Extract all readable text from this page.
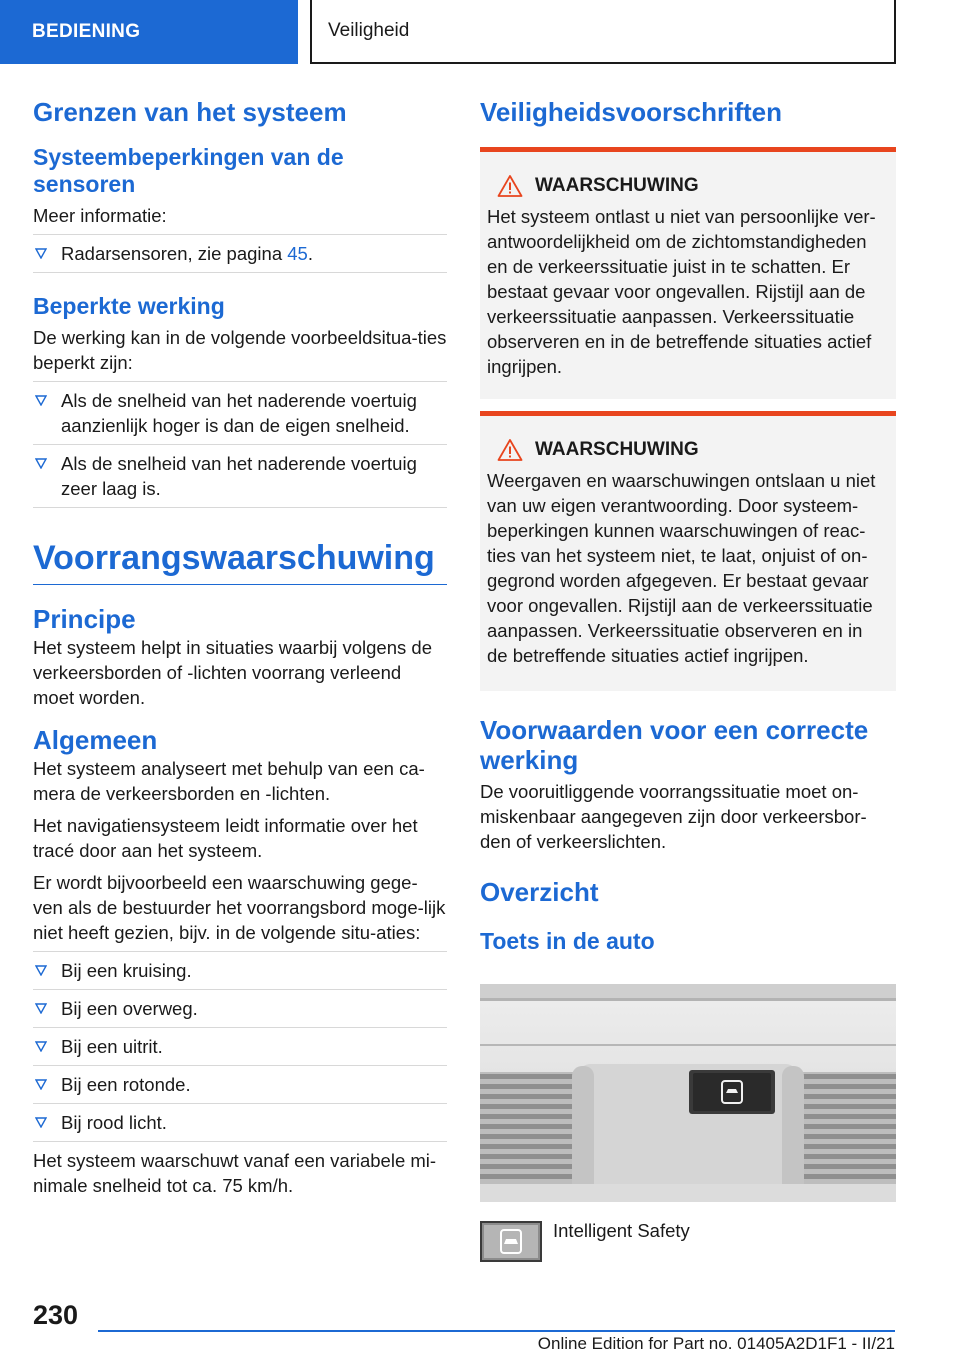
BEDIENING	Veiligheid
Grenzen van het systeem
Systeembeperkingen van de sensoren

Meer informatie:

Radarsensoren, zie pagina 45.
Beperkte werking

De werking kan in de volgende voorbeeldsitua-ties beperkt zijn:

Als de snelheid van het naderende voertuig aanzienlijk hoger is dan de eigen snelheid.
Als de snelheid van het naderende voertuig zeer laag is.
Voorrangswaarschuwing
Principe

Het systeem helpt in situaties waarbij volgens de verkeersborden of -lichten voorrang verleend moet worden.

Algemeen

Het systeem analyseert met behulp van een ca-mera de verkeersborden en -lichten.

Het navigatiensysteem leidt informatie over het tracé door aan het systeem.

Er wordt bijvoorbeeld een waarschuwing gege-ven als de bestuurder het voorrangsbord moge-lijk niet heeft gezien, bijv. in de volgende situ-aties:

Bij een kruising.
Bij een overweg.
Bij een uitrit.
Bij een rotonde.
Bij rood licht.

Het systeem waarschuwt vanaf een variabele mi-nimale snelheid tot ca. 75 km/h.

Veiligheidsvoorschriften
WAARSCHUWING

Het systeem ontlast u niet van persoonlijke ver-antwoordelijkheid om de zichtomstandigheden en de verkeerssituatie juist in te schatten. Er bestaat gevaar voor ongevallen. Rijstijl aan de verkeerssituatie aanpassen. Verkeerssituatie observeren en in de betreffende situaties actief ingrijpen.

WAARSCHUWING

Weergaven en waarschuwingen ontslaan u niet van uw eigen verantwoording. Door systeem-beperkingen kunnen waarschuwingen of reac-ties van het systeem niet, te laat, onjuist of on-gegrond worden afgegeven. Er bestaat gevaar voor ongevallen. Rijstijl aan de verkeerssituatie aanpassen. Verkeerssituatie observeren en in de betreffende situaties actief ingrijpen.

Voorwaarden voor een correcte werking

De vooruitliggende voorrangssituatie moet on-miskenbaar aangegeven zijn door verkeersbor-den of verkeerslichten.

Overzicht
Toets in de auto
Intelligent Safety
230
Online Edition for Part no. 01405A2D1F1 - II/21
